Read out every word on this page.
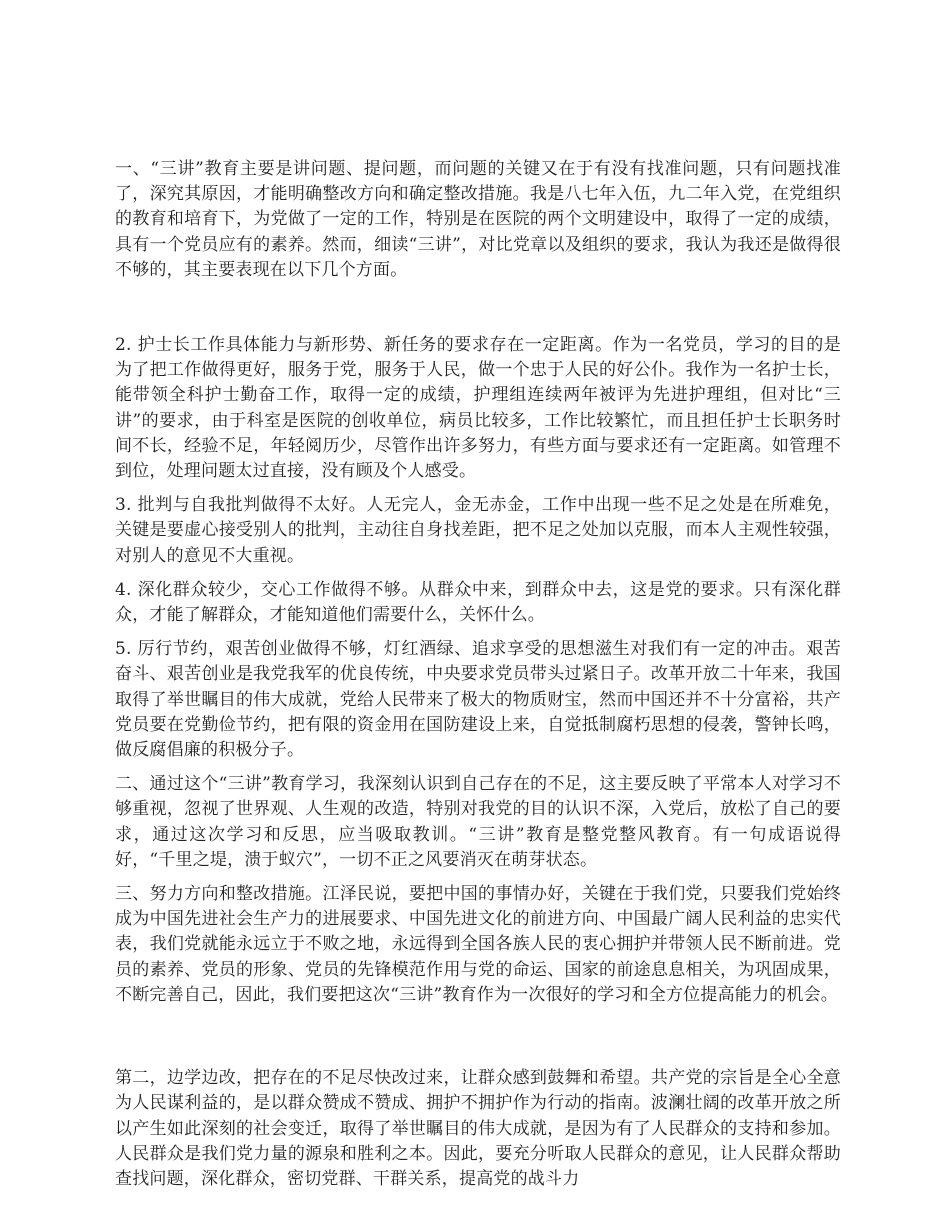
一、“三讲”教育主要是讲问题、提问题，而问题的关键又在于有没有找准问题，只有问题找准了，深究其原因，才能明确整改方向和确定整改措施。我是八七年入伍，九二年入党，在党组织的教育和培育下，为党做了一定的工作，特别是在医院的两个文明建设中，取得了一定的成绩，具有一个党员应有的素养。然而，细读“三讲”，对比党章以及组织的要求，我认为我还是做得很不够的，其主要表现在以下几个方面。

2. 护士长工作具体能力与新形势、新任务的要求存在一定距离。作为一名党员，学习的目的是为了把工作做得更好，服务于党，服务于人民，做一个忠于人民的好公仆。我作为一名护士长，能带领全科护士勤奋工作，取得一定的成绩，护理组连续两年被评为先进护理组，但对比“三讲”的要求，由于科室是医院的创收单位，病员比较多，工作比较繁忙，而且担任护士长职务时间不长，经验不足，年轻阅历少，尽管作出许多努力，有些方面与要求还有一定距离。如管理不到位，处理问题太过直接，没有顾及个人感受。

3. 批判与自我批判做得不太好。人无完人，金无赤金，工作中出现一些不足之处是在所难免，关键是要虚心接受别人的批判，主动往自身找差距，把不足之处加以克服，而本人主观性较强，对别人的意见不大重视。

4. 深化群众较少，交心工作做得不够。从群众中来，到群众中去，这是党的要求。只有深化群众，才能了解群众，才能知道他们需要什么，关怀什么。

5. 厉行节约，艰苦创业做得不够，灯红酒绿、追求享受的思想滋生对我们有一定的冲击。艰苦奋斗、艰苦创业是我党我军的优良传统，中央要求党员带头过紧日子。改革开放二十年来，我国取得了举世瞩目的伟大成就，党给人民带来了极大的物质财宝，然而中国还并不十分富裕，共产党员要在党勤俭节约，把有限的资金用在国防建设上来，自觉抵制腐朽思想的侵袭，警钟长鸣，做反腐倡廉的积极分子。

二、通过这个“三讲”教育学习，我深刻认识到自己存在的不足，这主要反映了平常本人对学习不够重视，忽视了世界观、人生观的改造，特别对我党的目的认识不深，入党后，放松了自己的要求，通过这次学习和反思，应当吸取教训。“三讲”教育是整党整风教育。有一句成语说得好，“千里之堤，溃于蚁穴”，一切不正之风要消灭在萌芽状态。

三、努力方向和整改措施。江泽民说，要把中国的事情办好，关键在于我们党，只要我们党始终成为中国先进社会生产力的进展要求、中国先进文化的前进方向、中国最广阔人民利益的忠实代表，我们党就能永远立于不败之地，永远得到全国各族人民的衷心拥护并带领人民不断前进。党员的素养、党员的形象、党员的先锋模范作用与党的命运、国家的前途息息相关，为巩固成果，不断完善自己，因此，我们要把这次“三讲”教育作为一次很好的学习和全方位提高能力的机会。

第二，边学边改，把存在的不足尽快改过来，让群众感到鼓舞和希望。共产党的宗旨是全心全意为人民谋利益的，是以群众赞成不赞成、拥护不拥护作为行动的指南。波澜壮阔的改革开放之所以产生如此深刻的社会变迁，取得了举世瞩目的伟大成就，是因为有了人民群众的支持和参加。人民群众是我们党力量的源泉和胜利之本。因此，要充分听取人民群众的意见，让人民群众帮助查找问题，深化群众，密切党群、干群关系，提高党的战斗力
